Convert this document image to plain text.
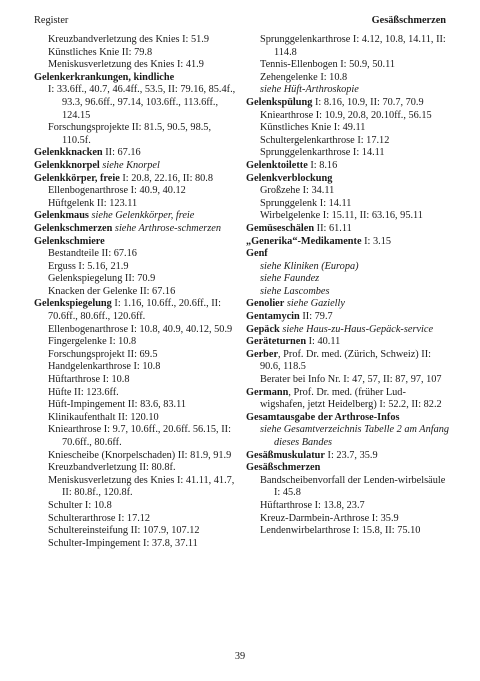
Register	Gesäßschmerzen

Kreuzbandverletzung des Knies I: 51.9

Künstliches Knie II: 79.8

Meniskusverletzung des Knies I: 41.9

Gelenkerkrankungen, kindliche

I: 33.6ff., 40.7, 46.4ff., 53.5, II: 79.16, 85.4f., 93.3, 96.6ff., 97.14, 103.6ff., 113.6ff., 124.15

Forschungsprojekte II: 81.5, 90.5, 98.5, 110.5f.

Gelenkknacken II: 67.16

Gelenkknorpel siehe Knorpel

Gelenkkörper, freie I: 20.8, 22.16, II: 80.8

Ellenbogenarthrose I: 40.9, 40.12

Hüftgelenk II: 123.11

Gelenkmaus siehe Gelenkkörper, freie

Gelenkschmerzen siehe Arthrose-schmerzen

Gelenkschmiere

Bestandteile II: 67.16

Erguss I: 5.16, 21.9

Gelenkspiegelung II: 70.9

Knacken der Gelenke II: 67.16

Gelenkspiegelung I: 1.16, 10.6ff., 20.6ff., II: 70.6ff., 80.6ff., 120.6ff.

Ellenbogenarthrose I: 10.8, 40.9, 40.12, 50.9

Fingergelenke I: 10.8

Forschungsprojekt II: 69.5

Handgelenkarthrose I: 10.8

Hüftarthrose I: 10.8

Hüfte II: 123.6ff.

Hüft-Impingement II: 83.6, 83.11

Klinikaufenthalt II: 120.10

Kniearthrose I: 9.7, 10.6ff., 20.6ff. 56.15, II: 70.6ff., 80.6ff.

Kniescheibe (Knorpelschaden) II: 81.9, 91.9

Kreuzbandverletzung II: 80.8f.

Meniskusverletzung des Knies I: 41.11, 41.7, II: 80.8f., 120.8f.

Schulter I: 10.8

Schulterarthrose I: 17.12

Schultereinsteifung II: 107.9, 107.12

Schulter-Impingement I: 37.8, 37.11

Sprunggelenkarthrose I: 4.12, 10.8, 14.11, II: 114.8

Tennis-Ellenbogen I: 50.9, 50.11

Zehengelenke I: 10.8

siehe Hüft-Arthroskopie

Gelenkspülung I: 8.16, 10.9, II: 70.7, 70.9

Kniearthrose I: 10.9, 20.8, 20.10ff., 56.15

Künstliches Knie I: 49.11

Schultergelenkarthrose I: 17.12

Sprunggelenkarthrose I: 14.11

Gelenktoilette I: 8.16

Gelenkverblockung

Großzehe I: 34.11

Sprunggelenk I: 14.11

Wirbelgelenke I: 15.11, II: 63.16, 95.11

Gemüseschälen II: 61.11

„Generika“-Medikamente I: 3.15

Genf

siehe Kliniken (Europa)

siehe Faundez

siehe Lascombes

Genolier siehe Gazielly

Gentamycin II: 79.7

Gepäck siehe Haus-zu-Haus-Gepäck-service

Geräteturnen I: 40.11

Gerber, Prof. Dr. med. (Zürich, Schweiz) II: 90.6, 118.5

Berater bei Info Nr. I: 47, 57, II: 87, 97, 107

Germann, Prof. Dr. med. (früher Lud-wigshafen, jetzt Heidelberg) I: 52.2, II: 82.2

Gesamtausgabe der Arthrose-Infos

siehe Gesamtverzeichnis Tabelle 2 am Anfang dieses Bandes

Gesäßmuskulatur I: 23.7, 35.9

Gesäßschmerzen

Bandscheibenvorfall der Lenden-wirbelsäule I: 45.8

Hüftarthrose I: 13.8, 23.7

Kreuz-Darmbein-Arthrose I: 35.9

Lendenwirbelarthrose I: 15.8, II: 75.10

39
